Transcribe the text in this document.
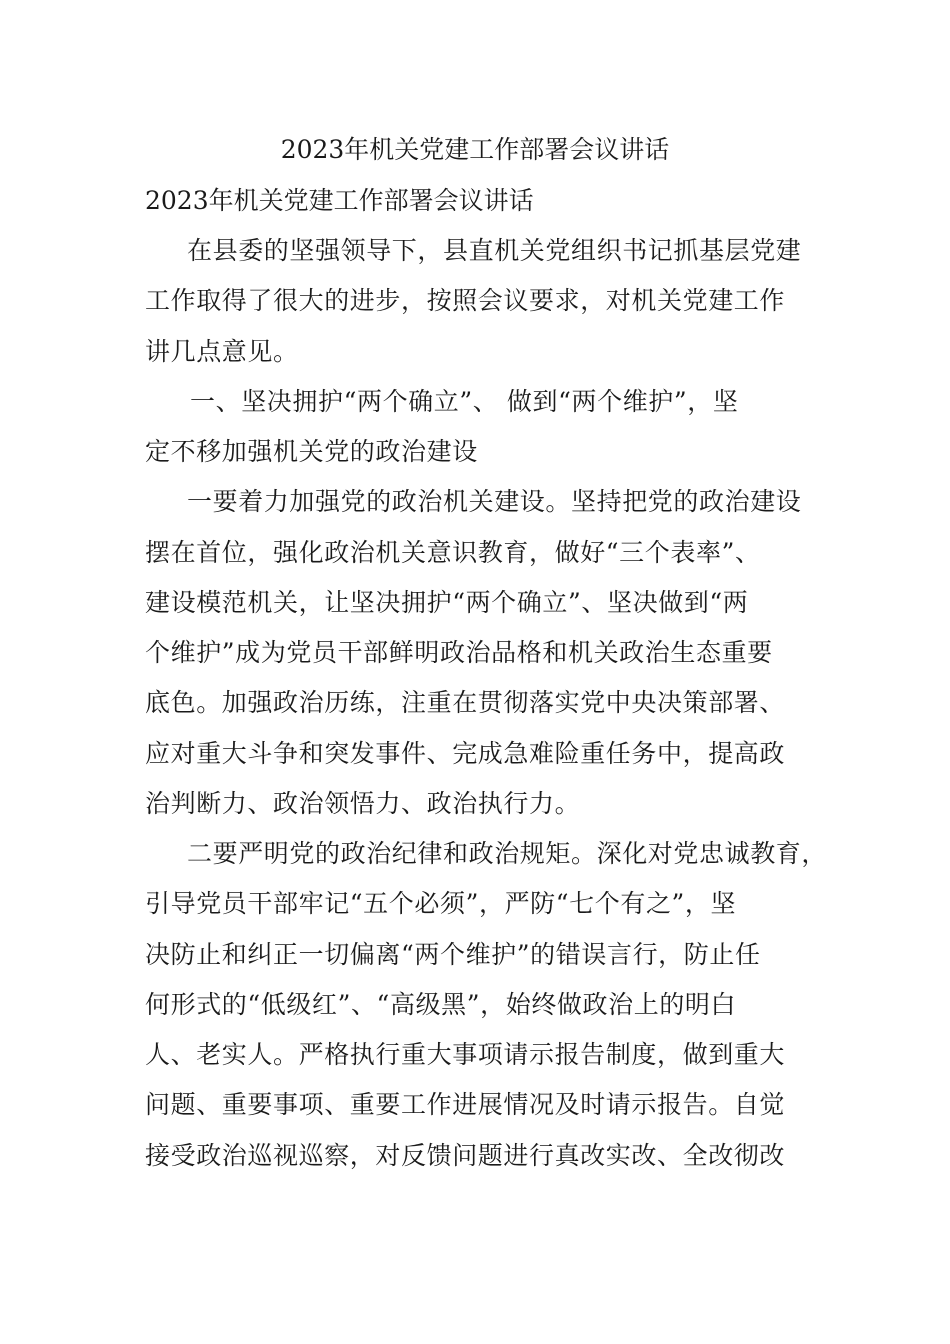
2023年机关党建工作部署会议讲话
2023年机关党建工作部署会议讲话
在县委的坚强领导下，县直机关党组织书记抓基层党建
工作取得了很大的进步，按照会议要求，对机关党建工作
讲几点意见。
一、坚决拥护“两个确立”、 做到“两个维护”，坚
定不移加强机关党的政治建设
一要着力加强党的政治机关建设。坚持把党的政治建设
摆在首位，强化政治机关意识教育，做好“三个表率”、
建设模范机关，让坚决拥护“两个确立”、坚决做到“两
个维护”成为党员干部鲜明政治品格和机关政治生态重要
底色。加强政治历练，注重在贯彻落实党中央决策部署、
应对重大斗争和突发事件、完成急难险重任务中，提高政
治判断力、政治领悟力、政治执行力。
二要严明党的政治纪律和政治规矩。深化对党忠诚教育，
引导党员干部牢记“五个必须”，严防“七个有之”，坚
决防止和纠正一切偏离“两个维护”的错误言行，防止任
何形式的“低级红”、“高级黑”，始终做政治上的明白
人、老实人。严格执行重大事项请示报告制度，做到重大
问题、重要事项、重要工作进展情况及时请示报告。自觉
接受政治巡视巡察，对反馈问题进行真改实改、全改彻改
